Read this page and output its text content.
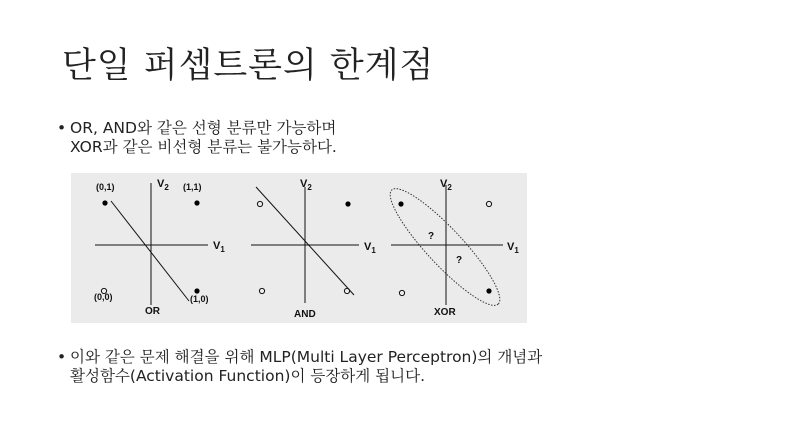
단일 퍼셉트론의 한계점
• OR, AND와 같은 선형 분류만 가능하며
XOR과 같은 비선형 분류는 불가능하다.
$V_2$
$V_1$
(0,1)	(1,1)
(0,0)	(1,0)
OR
$V_2$
$V_1$
AND
$V_2$
$V_1$
?
?
XOR
• 이와 같은 문제 해결을 위해 MLP(Multi Layer Perceptron)의 개념과
활성함수(Activation Function)이 등장하게 됩니다.
